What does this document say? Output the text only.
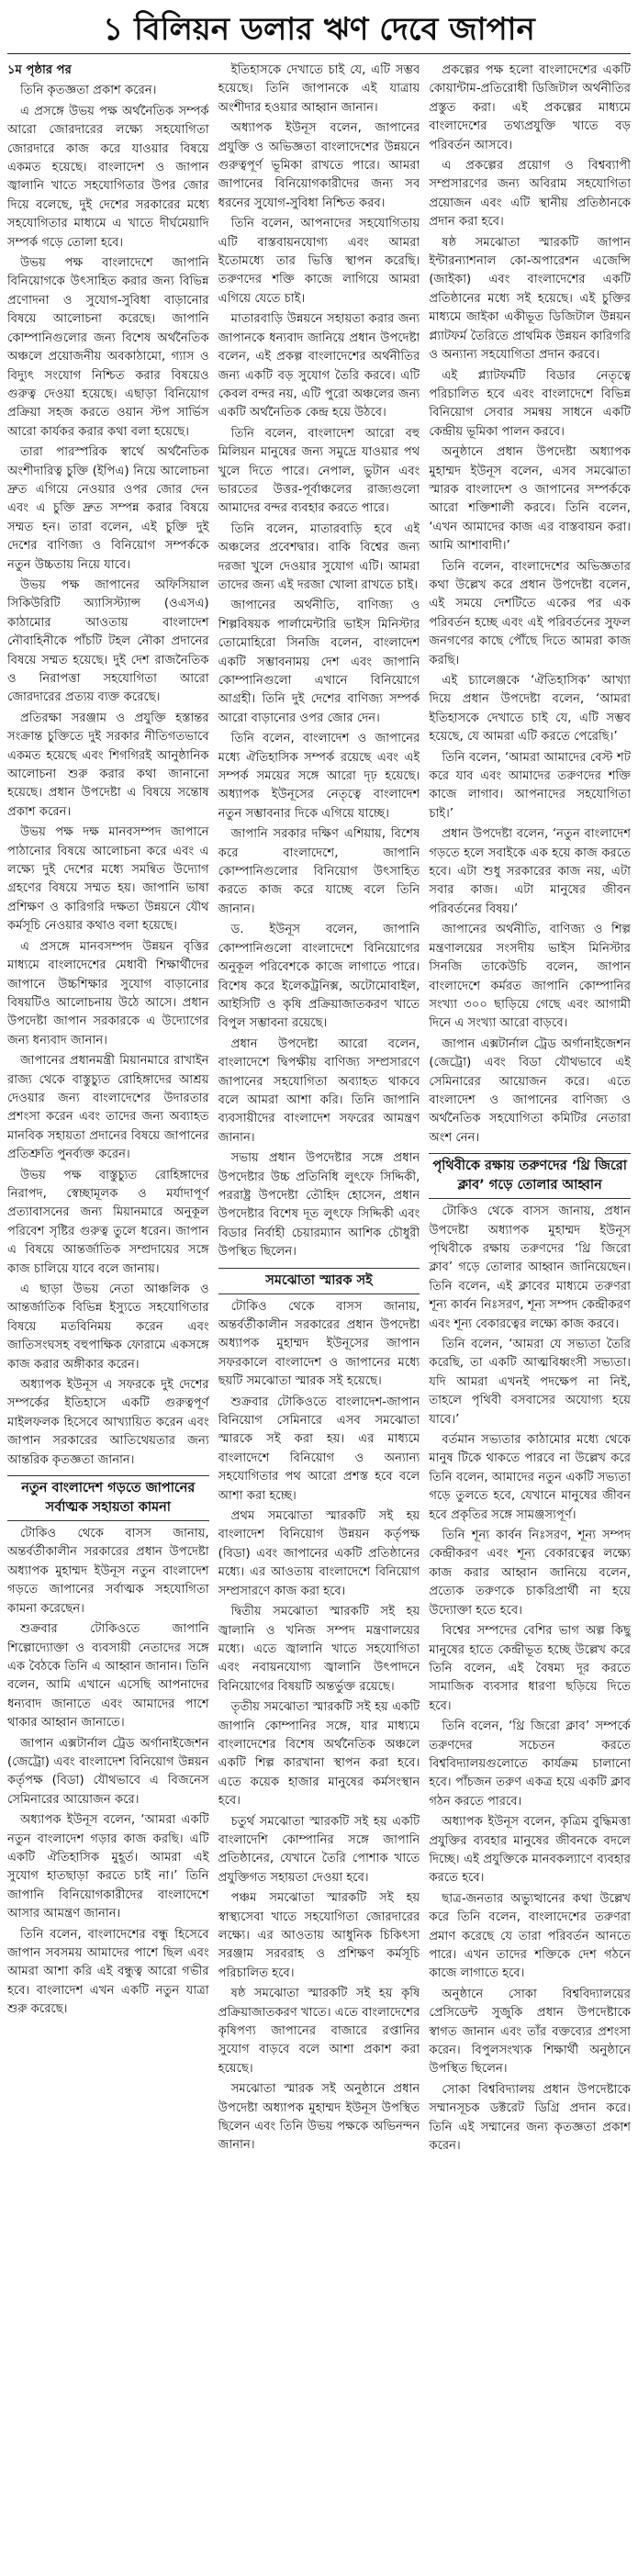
১ বিলিয়ন ডলার ঋণ দেবে জাপান
১ম পৃষ্ঠার পর

তিনি কৃতজ্ঞতা প্রকাশ করেন।

এ প্রসঙ্গে উভয় পক্ষ অর্থনৈতিক সম্পর্ক আরো জোরদারের লক্ষ্যে সহযোগিতা জোরদারে কাজ করে যাওয়ার বিষয়ে একমত হয়েছে। বাংলাদেশ ও জাপান জ্বালানি খাতে সহযোগিতার উপর জোর দিয়ে বলেছে, দুই দেশের সরকারের মধ্যে সহযোগিতার মাধ্যমে এ খাতে দীর্ঘমেয়াদি সম্পর্ক গড়ে তোলা হবে।

উভয় পক্ষ বাংলাদেশে জাপানি বিনিয়োগকে উৎসাহিত করার জন্য বিভিন্ন প্রণোদনা ও সুযোগ-সুবিধা বাড়ানোর বিষয়ে আলোচনা করেছে। জাপানি কোম্পানিগুলোর জন্য বিশেষ অর্থনৈতিক অঞ্চলে প্রয়োজনীয় অবকাঠামো, গ্যাস ও বিদ্যুৎ সংযোগ নিশ্চিত করার বিষয়েও গুরুত্ব দেওয়া হয়েছে। এছাড়া বিনিয়োগ প্রক্রিয়া সহজ করতে ওয়ান স্টপ সার্ভিস আরো কার্যকর করার কথা বলা হয়েছে।

তারা পারস্পরিক স্বার্থে অর্থনৈতিক অংশীদারিত্ব চুক্তি (ইপিএ) নিয়ে আলোচনা দ্রুত এগিয়ে নেওয়ার ওপর জোর দেন এবং এ চুক্তি দ্রুত সম্পন্ন করার বিষয়ে সম্মত হন। তারা বলেন, এই চুক্তি দুই দেশের বাণিজ্য ও বিনিয়োগ সম্পর্ককে নতুন উচ্চতায় নিয়ে যাবে।

উভয় পক্ষ জাপানের অফিসিয়াল সিকিউরিটি অ্যাসিস্ট্যান্স (ওএসএ) কাঠামোর আওতায় বাংলাদেশ নৌবাহিনীকে পাঁচটি টহল নৌকা প্রদানের বিষয়ে সম্মত হয়েছে। দুই দেশ রাজনৈতিক ও নিরাপত্তা সহযোগিতা আরো জোরদারের প্রত্যয় ব্যক্ত করেছে।

প্রতিরক্ষা সরঞ্জাম ও প্রযুক্তি হস্তান্তর সংক্রান্ত চুক্তিতে দুই সরকার নীতিগতভাবে একমত হয়েছে এবং শিগগিরই আনুষ্ঠানিক আলোচনা শুরু করার কথা জানানো হয়েছে। প্রধান উপদেষ্টা এ বিষয়ে সন্তোষ প্রকাশ করেন।

উভয় পক্ষ দক্ষ মানবসম্পদ জাপানে পাঠানোর বিষয়ে আলোচনা করে এবং এ লক্ষ্যে দুই দেশের মধ্যে সমন্বিত উদ্যোগ গ্রহণের বিষয়ে সম্মত হয়। জাপানি ভাষা প্রশিক্ষণ ও কারিগরি দক্ষতা উন্নয়নে যৌথ কর্মসূচি নেওয়ার কথাও বলা হয়েছে।

এ প্রসঙ্গে মানবসম্পদ উন্নয়ন বৃত্তির মাধ্যমে বাংলাদেশের মেধাবী শিক্ষার্থীদের জাপানে উচ্চশিক্ষার সুযোগ বাড়ানোর বিষয়টিও আলোচনায় উঠে আসে। প্রধান উপদেষ্টা জাপান সরকারকে এ উদ্যোগের জন্য ধন্যবাদ জানান।

জাপানের প্রধানমন্ত্রী মিয়ানমারে রাখাইন রাজ্য থেকে বাস্তুচ্যুত রোহিঙ্গাদের আশ্রয় দেওয়ার জন্য বাংলাদেশের উদারতার প্রশংসা করেন এবং তাদের জন্য অব্যাহত মানবিক সহায়তা প্রদানের বিষয়ে জাপানের প্রতিশ্রুতি পুনর্ব্যক্ত করেন।

উভয় পক্ষ বাস্তুচ্যুত রোহিঙ্গাদের নিরাপদ, স্বেচ্ছামূলক ও মর্যাদাপূর্ণ প্রত্যাবাসনের জন্য মিয়ানমারে অনুকূল পরিবেশ সৃষ্টির গুরুত্ব তুলে ধরেন। জাপান এ বিষয়ে আন্তর্জাতিক সম্প্রদায়ের সঙ্গে কাজ চালিয়ে যাবে বলে জানায়।

এ ছাড়া উভয় নেতা আঞ্চলিক ও আন্তর্জাতিক বিভিন্ন ইস্যুতে সহযোগিতার বিষয়ে মতবিনিময় করেন এবং জাতিসংঘসহ বহুপাক্ষিক ফোরামে একসঙ্গে কাজ করার অঙ্গীকার করেন।

অধ্যাপক ইউনূস এ সফরকে দুই দেশের সম্পর্কের ইতিহাসে একটি গুরুত্বপূর্ণ মাইলফলক হিসেবে আখ্যায়িত করেন এবং জাপান সরকারের আতিথেয়তার জন্য আন্তরিক কৃতজ্ঞতা জানান।

নতুন বাংলাদেশ গড়তে জাপানের সর্বাত্মক সহায়তা কামনা

টোকিও থেকে বাসস জানায়, অন্তর্বর্তীকালীন সরকারের প্রধান উপদেষ্টা অধ্যাপক মুহাম্মদ ইউনূস নতুন বাংলাদেশ গড়তে জাপানের সর্বাত্মক সহযোগিতা কামনা করেছেন।

শুক্রবার টোকিওতে জাপানি শিল্পোদ্যোক্তা ও ব্যবসায়ী নেতাদের সঙ্গে এক বৈঠকে তিনি এ আহ্বান জানান। তিনি বলেন, আমি এখানে এসেছি আপনাদের ধন্যবাদ জানাতে এবং আমাদের পাশে থাকার আহ্বান জানাতে।

জাপান এক্সটার্নাল ট্রেড অর্গানাইজেশন (জেট্রো) এবং বাংলাদেশ বিনিয়োগ উন্নয়ন কর্তৃপক্ষ (বিডা) যৌথভাবে এ বিজনেস সেমিনারের আয়োজন করে।

অধ্যাপক ইউনূস বলেন, ‘আমরা একটি নতুন বাংলাদেশ গড়ার কাজ করছি। এটি একটি ঐতিহাসিক মুহূর্ত। আমরা এই সুযোগ হাতছাড়া করতে চাই না।’ তিনি জাপানি বিনিয়োগকারীদের বাংলাদেশে আসার আমন্ত্রণ জানান।

তিনি বলেন, বাংলাদেশের বন্ধু হিসেবে জাপান সবসময় আমাদের পাশে ছিল এবং আমরা আশা করি এই বন্ধুত্ব আরো গভীর হবে। বাংলাদেশ এখন একটি নতুন যাত্রা শুরু করেছে।

ইতিহাসকে দেখাতে চাই যে, এটি সম্ভব হয়েছে। তিনি জাপানকে এই যাত্রায় অংশীদার হওয়ার আহ্বান জানান।

অধ্যাপক ইউনূস বলেন, জাপানের প্রযুক্তি ও অভিজ্ঞতা বাংলাদেশের উন্নয়নে গুরুত্বপূর্ণ ভূমিকা রাখতে পারে। আমরা জাপানের বিনিয়োগকারীদের জন্য সব ধরনের সুযোগ-সুবিধা নিশ্চিত করব।

তিনি বলেন, আপনাদের সহযোগিতায় এটি বাস্তবায়নযোগ্য এবং আমরা ইতোমধ্যে তার ভিত্তি স্থাপন করেছি। তরুণদের শক্তি কাজে লাগিয়ে আমরা এগিয়ে যেতে চাই।

মাতারবাড়ি উন্নয়নে সহায়তা করার জন্য জাপানকে ধন্যবাদ জানিয়ে প্রধান উপদেষ্টা বলেন, এই প্রকল্প বাংলাদেশের অর্থনীতির জন্য একটি বড় সুযোগ তৈরি করবে। এটি কেবল বন্দর নয়, এটি পুরো অঞ্চলের জন্য একটি অর্থনৈতিক কেন্দ্র হয়ে উঠবে।

তিনি বলেন, বাংলাদেশ আরো বহু মিলিয়ন মানুষের জন্য সমুদ্রে যাওয়ার পথ খুলে দিতে পারে। নেপাল, ভুটান এবং ভারতের উত্তর-পূর্বাঞ্চলের রাজ্যগুলো আমাদের বন্দর ব্যবহার করতে পারে।

তিনি বলেন, মাতারবাড়ি হবে এই অঞ্চলের প্রবেশদ্বার। বাকি বিশ্বের জন্য দরজা খুলে দেওয়ার সুযোগ এটি। আমরা তাদের জন্য এই দরজা খোলা রাখতে চাই।

জাপানের অর্থনীতি, বাণিজ্য ও শিল্পবিষয়ক পার্লামেন্টারি ভাইস মিনিস্টার তোমোহিরো সিনজি বলেন, বাংলাদেশ একটি সম্ভাবনাময় দেশ এবং জাপানি কোম্পানিগুলো এখানে বিনিয়োগে আগ্রহী। তিনি দুই দেশের বাণিজ্য সম্পর্ক আরো বাড়ানোর ওপর জোর দেন।

তিনি বলেন, বাংলাদেশ ও জাপানের মধ্যে ঐতিহাসিক সম্পর্ক রয়েছে এবং এই সম্পর্ক সময়ের সঙ্গে আরো দৃঢ় হয়েছে। অধ্যাপক ইউনূসের নেতৃত্বে বাংলাদেশ নতুন সম্ভাবনার দিকে এগিয়ে যাচ্ছে।

জাপানি সরকার দক্ষিণ এশিয়ায়, বিশেষ করে বাংলাদেশে, জাপানি কোম্পানিগুলোর বিনিয়োগ উৎসাহিত করতে কাজ করে যাচ্ছে বলে তিনি জানান।

ড. ইউনূস বলেন, জাপানি কোম্পানিগুলো বাংলাদেশে বিনিয়োগের অনুকূল পরিবেশকে কাজে লাগাতে পারে। বিশেষ করে ইলেকট্রনিক্স, অটোমোবাইল, আইসিটি ও কৃষি প্রক্রিয়াজাতকরণ খাতে বিপুল সম্ভাবনা রয়েছে।

প্রধান উপদেষ্টা আরো বলেন, বাংলাদেশে দ্বিপক্ষীয় বাণিজ্য সম্প্রসারণে জাপানের সহযোগিতা অব্যাহত থাকবে বলে আমরা আশা করি। তিনি জাপানি ব্যবসায়ীদের বাংলাদেশ সফরের আমন্ত্রণ জানান।

সভায় প্রধান উপদেষ্টার সঙ্গে প্রধান উপদেষ্টার উচ্চ প্রতিনিধি লুৎফে সিদ্দিকী, পররাষ্ট্র উপদেষ্টা তৌহিদ হোসেন, প্রধান উপদেষ্টার বিশেষ দূত লুৎফে সিদ্দিকী এবং বিডার নির্বাহী চেয়ারম্যান আশিক চৌধুরী উপস্থিত ছিলেন।

সমঝোতা স্মারক সই

টোকিও থেকে বাসস জানায়, অন্তর্বর্তীকালীন সরকারের প্রধান উপদেষ্টা অধ্যাপক মুহাম্মদ ইউনূসের জাপান সফরকালে বাংলাদেশ ও জাপানের মধ্যে ছয়টি সমঝোতা স্মারক সই হয়েছে।

শুক্রবার টোকিওতে বাংলাদেশ-জাপান বিনিয়োগ সেমিনারে এসব সমঝোতা স্মারকে সই করা হয়। এর মাধ্যমে বাংলাদেশে বিনিয়োগ ও অন্যান্য সহযোগিতার পথ আরো প্রশস্ত হবে বলে আশা করা হচ্ছে।

প্রথম সমঝোতা স্মারকটি সই হয় বাংলাদেশ বিনিয়োগ উন্নয়ন কর্তৃপক্ষ (বিডা) এবং জাপানের একটি প্রতিষ্ঠানের মধ্যে। এর আওতায় বাংলাদেশে বিনিয়োগ সম্প্রসারণে কাজ করা হবে।

দ্বিতীয় সমঝোতা স্মারকটি সই হয় জ্বালানি ও খনিজ সম্পদ মন্ত্রণালয়ের মধ্যে। এতে জ্বালানি খাতে সহযোগিতা এবং নবায়নযোগ্য জ্বালানি উৎপাদনে বিনিয়োগের বিষয়টি অন্তর্ভুক্ত রয়েছে।

তৃতীয় সমঝোতা স্মারকটি সই হয় একটি জাপানি কোম্পানির সঙ্গে, যার মাধ্যমে বাংলাদেশের বিশেষ অর্থনৈতিক অঞ্চলে একটি শিল্প কারখানা স্থাপন করা হবে। এতে কয়েক হাজার মানুষের কর্মসংস্থান হবে।

চতুর্থ সমঝোতা স্মারকটি সই হয় একটি বাংলাদেশি কোম্পানির সঙ্গে জাপানি প্রতিষ্ঠানের, যেখানে তৈরি পোশাক খাতে প্রযুক্তিগত সহায়তা দেওয়া হবে।

পঞ্চম সমঝোতা স্মারকটি সই হয় স্বাস্থ্যসেবা খাতে সহযোগিতা জোরদারের লক্ষ্যে। এর আওতায় আধুনিক চিকিৎসা সরঞ্জাম সরবরাহ ও প্রশিক্ষণ কর্মসূচি পরিচালিত হবে।

ষষ্ঠ সমঝোতা স্মারকটি সই হয় কৃষি প্রক্রিয়াজাতকরণ খাতে। এতে বাংলাদেশের কৃষিপণ্য জাপানের বাজারে রপ্তানির সুযোগ বাড়বে বলে আশা প্রকাশ করা হয়েছে।

সমঝোতা স্মারক সই অনুষ্ঠানে প্রধান উপদেষ্টা অধ্যাপক মুহাম্মদ ইউনূস উপস্থিত ছিলেন এবং তিনি উভয় পক্ষকে অভিনন্দন জানান।

প্রকল্পের পক্ষ হলো বাংলাদেশের একটি কোয়ান্টাম-প্রতিরোধী ডিজিটাল অর্থনীতির প্রস্তুত করা। এই প্রকল্পের মাধ্যমে বাংলাদেশের তথ্যপ্রযুক্তি খাতে বড় পরিবর্তন আসবে।

এ প্রকল্পের প্রয়োগ ও বিশ্বব্যাপী সম্প্রসারণের জন্য অবিরাম সহযোগিতা প্রয়োজন এবং এটি স্থানীয় প্রতিষ্ঠানকে প্রদান করা হবে।

ষষ্ঠ সমঝোতা স্মারকটি জাপান ইন্টারন্যাশনাল কো-অপারেশন এজেন্সি (জাইকা) এবং বাংলাদেশের একটি প্রতিষ্ঠানের মধ্যে সই হয়েছে। এই চুক্তির মাধ্যমে জাইকা একীভূত ডিজিটাল উন্নয়ন প্ল্যাটফর্ম তৈরিতে প্রাথমিক উন্নয়ন কারিগরি ও অন্যান্য সহযোগিতা প্রদান করবে।

এই প্ল্যাটফর্মটি বিডার নেতৃত্বে পরিচালিত হবে এবং বাংলাদেশে বিভিন্ন বিনিয়োগ সেবার সমন্বয় সাধনে একটি কেন্দ্রীয় ভূমিকা পালন করবে।

অনুষ্ঠানে প্রধান উপদেষ্টা অধ্যাপক মুহাম্মদ ইউনূস বলেন, এসব সমঝোতা স্মারক বাংলাদেশ ও জাপানের সম্পর্ককে আরো শক্তিশালী করবে। তিনি বলেন, ‘এখন আমাদের কাজ এর বাস্তবায়ন করা। আমি আশাবাদী।’

তিনি বলেন, বাংলাদেশের অভিজ্ঞতার কথা উল্লেখ করে প্রধান উপদেষ্টা বলেন, এই সময়ে দেশটিতে একের পর এক পরিবর্তন হচ্ছে এবং এই পরিবর্তনের সুফল জনগণের কাছে পৌঁছে দিতে আমরা কাজ করছি।

এই চ্যালেঞ্জকে ‘ঐতিহাসিক’ আখ্যা দিয়ে প্রধান উপদেষ্টা বলেন, ‘আমরা ইতিহাসকে দেখাতে চাই যে, এটি সম্ভব হয়েছে, যে আমরা এটি করতে পেরেছি।’

তিনি বলেন, ‘আমরা আমাদের বেস্ট শট করে যাব এবং আমাদের তরুণদের শক্তি কাজে লাগাব। আপনাদের সহযোগিতা চাই।’

প্রধান উপদেষ্টা বলেন, ‘নতুন বাংলাদেশ গড়তে হলে সবাইকে এক হয়ে কাজ করতে হবে। এটা শুধু সরকারের কাজ নয়, এটা সবার কাজ। এটা মানুষের জীবন পরিবর্তনের বিষয়।’

জাপানের অর্থনীতি, বাণিজ্য ও শিল্প মন্ত্রণালয়ের সংসদীয় ভাইস মিনিস্টার সিনজি তাকেউচি বলেন, জাপান বাংলাদেশে কর্মরত জাপানি কোম্পানির সংখ্যা ৩০০ ছাড়িয়ে গেছে এবং আগামী দিনে এ সংখ্যা আরো বাড়বে।

জাপান এক্সটার্নাল ট্রেড অর্গানাইজেশন (জেট্রো) এবং বিডা যৌথভাবে এই সেমিনারের আয়োজন করে। এতে বাংলাদেশ ও জাপানের বাণিজ্য ও অর্থনৈতিক সহযোগিতা কমিটির নেতারা অংশ নেন।

পৃথিবীকে রক্ষায় তরুণদের ‘থ্রি জিরো ক্লাব’ গড়ে তোলার আহ্বান

টোকিও থেকে বাসস জানায়, প্রধান উপদেষ্টা অধ্যাপক মুহাম্মদ ইউনূস পৃথিবীকে রক্ষায় তরুণদের ‘থ্রি জিরো ক্লাব’ গড়ে তোলার আহ্বান জানিয়েছেন। তিনি বলেন, এই ক্লাবের মাধ্যমে তরুণরা শূন্য কার্বন নিঃসরণ, শূন্য সম্পদ কেন্দ্রীকরণ এবং শূন্য বেকারত্বের লক্ষ্যে কাজ করবে।

তিনি বলেন, ‘আমরা যে সভ্যতা তৈরি করেছি, তা একটি আত্মবিধ্বংসী সভ্যতা। যদি আমরা এখনই পদক্ষেপ না নিই, তাহলে পৃথিবী বসবাসের অযোগ্য হয়ে যাবে।’

বর্তমান সভ্যতার কাঠামোর মধ্যে থেকে মানুষ টিকে থাকতে পারবে না উল্লেখ করে তিনি বলেন, আমাদের নতুন একটি সভ্যতা গড়ে তুলতে হবে, যেখানে মানুষের জীবন হবে প্রকৃতির সঙ্গে সামঞ্জস্যপূর্ণ।

তিনি শূন্য কার্বন নিঃসরণ, শূন্য সম্পদ কেন্দ্রীকরণ এবং শূন্য বেকারত্বের লক্ষ্যে কাজ করার আহ্বান জানিয়ে বলেন, প্রত্যেক তরুণকে চাকরিপ্রার্থী না হয়ে উদ্যোক্তা হতে হবে।

বিশ্বের সম্পদের বেশির ভাগ অল্প কিছু মানুষের হাতে কেন্দ্রীভূত হচ্ছে উল্লেখ করে তিনি বলেন, এই বৈষম্য দূর করতে সামাজিক ব্যবসার ধারণা ছড়িয়ে দিতে হবে।

তিনি বলেন, ‘থ্রি জিরো ক্লাব’ সম্পর্কে তরুণদের সচেতন করতে বিশ্ববিদ্যালয়গুলোতে কার্যক্রম চালানো হবে। পাঁচজন তরুণ একত্র হয়ে একটি ক্লাব গঠন করতে পারবে।

অধ্যাপক ইউনূস বলেন, কৃত্রিম বুদ্ধিমত্তা প্রযুক্তির ব্যবহার মানুষের জীবনকে বদলে দিচ্ছে। এই প্রযুক্তিকে মানবকল্যাণে ব্যবহার করতে হবে।

ছাত্র-জনতার অভ্যুত্থানের কথা উল্লেখ করে তিনি বলেন, বাংলাদেশের তরুণরা প্রমাণ করেছে যে তারা পরিবর্তন আনতে পারে। এখন তাদের শক্তিকে দেশ গঠনে কাজে লাগাতে হবে।

অনুষ্ঠানে সোকা বিশ্ববিদ্যালয়ের প্রেসিডেন্ট সুজুকি প্রধান উপদেষ্টাকে স্বাগত জানান এবং তাঁর বক্তব্যের প্রশংসা করেন। বিপুলসংখ্যক শিক্ষার্থী অনুষ্ঠানে উপস্থিত ছিলেন।

সোকা বিশ্ববিদ্যালয় প্রধান উপদেষ্টাকে সম্মানসূচক ডক্টরেট ডিগ্রি প্রদান করে। তিনি এই সম্মানের জন্য কৃতজ্ঞতা প্রকাশ করেন।
